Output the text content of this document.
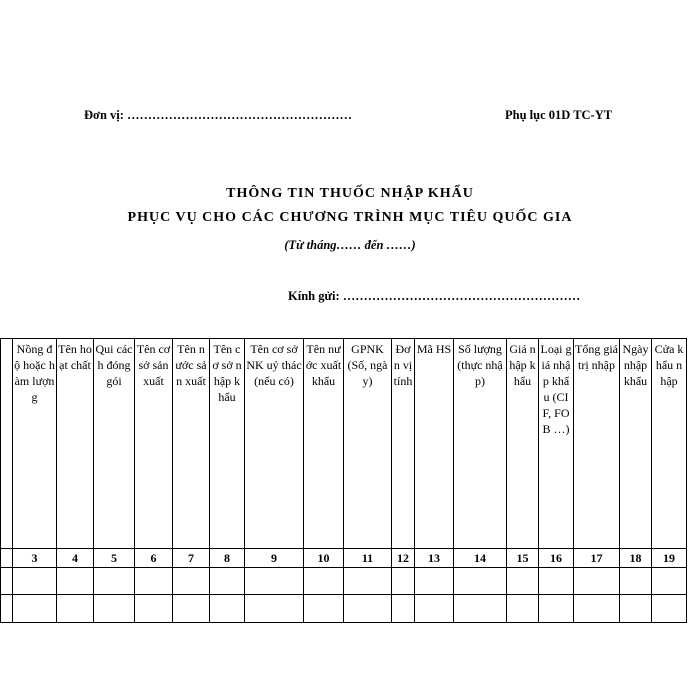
Đơn vị: ………………………………………………	Phụ lục 01D TC-YT
THÔNG TIN THUỐC NHẬP KHẨU
PHỤC VỤ CHO CÁC CHƯƠNG TRÌNH MỤC TIÊU QUỐC GIA
(Từ tháng…… đến ……)
Kính gửi: …………………………………………………
	Nồng độ hoặc hàm lượng	Tên hoạt chất	Qui cách đóng gói	Tên cơ sở sản xuất	Tên nước sản xuất	Tên cơ sở nhập khẩu	Tên cơ sở NK uỷ thác (nếu có)	Tên nước xuất khẩu	GPNK (Số, ngày)	Đơn vị tính	Mã HS	Số lượng (thực nhập)	Giá nhập khẩu	Loại giá nhập khẩu (CIF, FOB …)	Tổng giá trị nhập	Ngày nhập khẩu	Cửa khẩu nhập
	3	4	5	6	7	8	9	10	11	12	13	14	15	16	17	18	19
